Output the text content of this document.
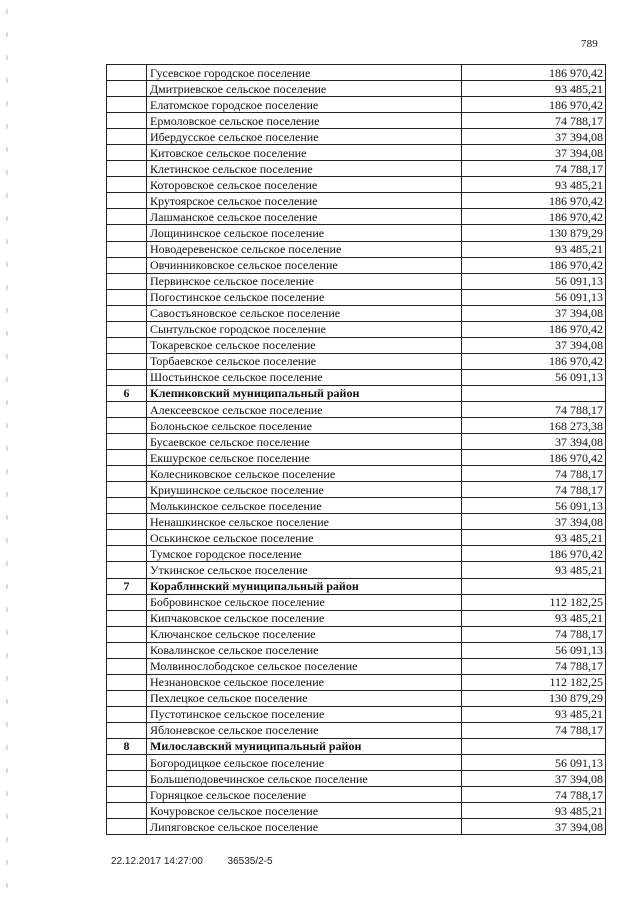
789
	Гусевское городское поселение	186 970,42
	Дмитриевское сельское поселение	93 485,21
	Елатомское городское поселение	186 970,42
	Ермоловское сельское поселение	74 788,17
	Ибердусское сельское поселение	37 394,08
	Китовское сельское поселение	37 394,08
	Клетинское сельское поселение	74 788,17
	Которовское сельское поселение	93 485,21
	Крутоярское сельское поселение	186 970,42
	Лашманское сельское поселение	186 970,42
	Лощининское сельское поселение	130 879,29
	Новодеревенское сельское поселение	93 485,21
	Овчинниковское сельское поселение	186 970,42
	Первинское сельское поселение	56 091,13
	Погостинское сельское поселение	56 091,13
	Савостьяновское сельское поселение	37 394,08
	Сынтульское городское поселение	186 970,42
	Токаревское сельское поселение	37 394,08
	Торбаевское сельское поселение	186 970,42
	Шостьинское сельское поселение	56 091,13
6	Клепиковский муниципальный район	
	Алексеевское сельское поселение	74 788,17
	Болоньское сельское поселение	168 273,38
	Бусаевское сельское поселение	37 394,08
	Екшурское сельское поселение	186 970,42
	Колесниковское сельское поселение	74 788,17
	Криушинское сельское поселение	74 788,17
	Молькинское сельское поселение	56 091,13
	Ненашкинское сельское поселение	37 394,08
	Оськинское сельское поселение	93 485,21
	Тумское городское поселение	186 970,42
	Уткинское сельское поселение	93 485,21
7	Кораблинский муниципальный район	
	Бобровинское сельское поселение	112 182,25
	Кипчаковское сельское поселение	93 485,21
	Ключанское сельское поселение	74 788,17
	Ковалинское сельское поселение	56 091,13
	Молвинослободское сельское поселение	74 788,17
	Незнановское сельское поселение	112 182,25
	Пехлецкое сельское поселение	130 879,29
	Пустотинское сельское поселение	93 485,21
	Яблоневское сельское поселение	74 788,17
8	Милославский муниципальный район	
	Богородицкое сельское поселение	56 091,13
	Большеподовечинское сельское поселение	37 394,08
	Горняцкое сельское поселение	74 788,17
	Кочуровское сельское поселение	93 485,21
	Липяговское сельское поселение	37 394,08
22.12.2017 14:27:00 36535/2-5
